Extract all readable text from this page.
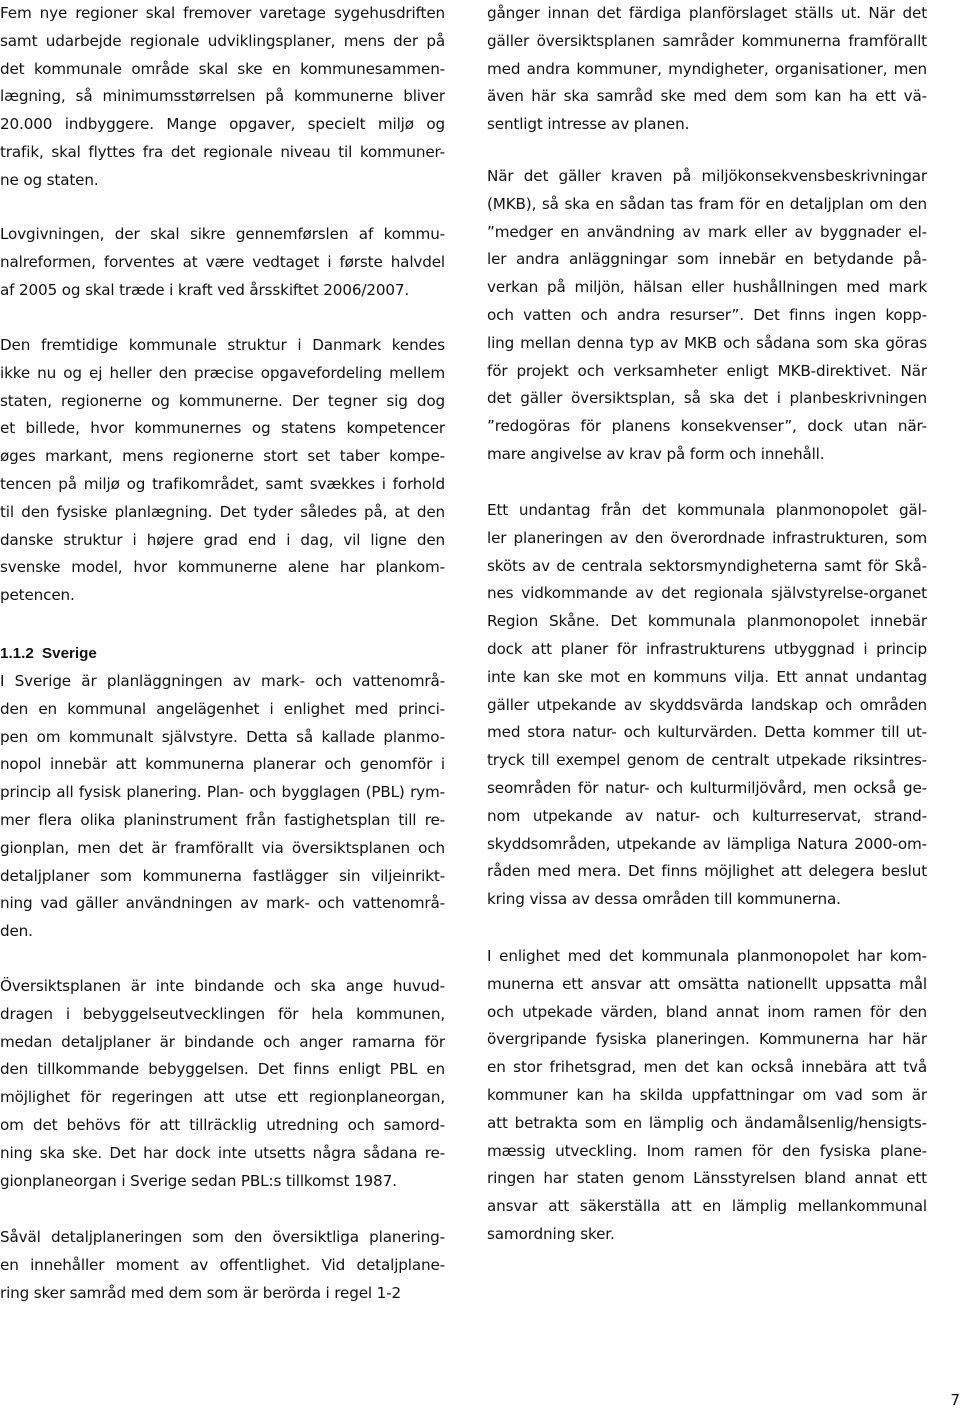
Fem nye regioner skal fremover varetage sygehusdriften
samt udarbejde regionale udviklingsplaner, mens der på
det kommunale område skal ske en kommunesammen-
lægning, så minimumsstørrelsen på kommunerne bliver
20.000 indbyggere. Mange opgaver, specielt miljø og
trafik, skal flyttes fra det regionale niveau til kommuner-
ne og staten.

Lovgivningen, der skal sikre gennemførslen af kommu-
nalreformen, forventes at være vedtaget i første halvdel
af 2005 og skal træde i kraft ved årsskiftet 2006/2007.

Den fremtidige kommunale struktur i Danmark kendes
ikke nu og ej heller den præcise opgavefordeling mellem
staten, regionerne og kommunerne. Der tegner sig dog
et billede, hvor kommunernes og statens kompetencer
øges markant, mens regionerne stort set taber kompe-
tencen på miljø og trafikområdet, samt svækkes i forhold
til den fysiske planlægning. Det tyder således på, at den
danske struktur i højere grad end i dag, vil ligne den
svenske model, hvor kommunerne alene har plankom-
petencen.

1.1.2 Sverige

I Sverige är planläggningen av mark- och vattenområ-
den en kommunal angelägenhet i enlighet med princi-
pen om kommunalt självstyre. Detta så kallade planmo-
nopol innebär att kommunerna planerar och genomför i
princip all fysisk planering. Plan- och bygglagen (PBL) rym-
mer flera olika planinstrument från fastighetsplan till re-
gionplan, men det är framförallt via översiktsplanen och
detaljplaner som kommunerna fastlägger sin viljeinrikt-
ning vad gäller användningen av mark- och vattenområ-
den.

Översiktsplanen är inte bindande och ska ange huvud-
dragen i bebyggelseutvecklingen för hela kommunen,
medan detaljplaner är bindande och anger ramarna för
den tillkommande bebyggelsen. Det finns enligt PBL en
möjlighet för regeringen att utse ett regionplaneorgan,
om det behövs för att tillräcklig utredning och samord-
ning ska ske. Det har dock inte utsetts några sådana re-
gionplaneorgan i Sverige sedan PBL:s tillkomst 1987.

Såväl detaljplaneringen som den översiktliga planering-
en innehåller moment av offentlighet. Vid detaljplane-
ring sker samråd med dem som är berörda i regel 1-2

gånger innan det färdiga planförslaget ställs ut. När det
gäller översiktsplanen samråder kommunerna framförallt
med andra kommuner, myndigheter, organisationer, men
även här ska samråd ske med dem som kan ha ett vä-
sentligt intresse av planen.

När det gäller kraven på miljökonsekvensbeskrivningar
(MKB), så ska en sådan tas fram för en detaljplan om den
”medger en användning av mark eller av byggnader el-
ler andra anläggningar som innebär en betydande på-
verkan på miljön, hälsan eller hushållningen med mark
och vatten och andra resurser”. Det finns ingen kopp-
ling mellan denna typ av MKB och sådana som ska göras
för projekt och verksamheter enligt MKB-direktivet. När
det gäller översiktsplan, så ska det i planbeskrivningen
”redogöras för planens konsekvenser”, dock utan när-
mare angivelse av krav på form och innehåll.

Ett undantag från det kommunala planmonopolet gäl-
ler planeringen av den överordnade infrastrukturen, som
sköts av de centrala sektorsmyndigheterna samt för Skå-
nes vidkommande av det regionala självstyrelse-organet
Region Skåne. Det kommunala planmonopolet innebär
dock att planer för infrastrukturens utbyggnad i princip
inte kan ske mot en kommuns vilja. Ett annat undantag
gäller utpekande av skyddsvärda landskap och områden
med stora natur- och kulturvärden. Detta kommer till ut-
tryck till exempel genom de centralt utpekade riksintres-
seområden för natur- och kulturmiljövård, men också ge-
nom utpekande av natur- och kulturreservat, strand-
skyddsområden, utpekande av lämpliga Natura 2000-om-
råden med mera. Det finns möjlighet att delegera beslut
kring vissa av dessa områden till kommunerna.

I enlighet med det kommunala planmonopolet har kom-
munerna ett ansvar att omsätta nationellt uppsatta mål
och utpekade värden, bland annat inom ramen för den
övergripande fysiska planeringen. Kommunerna har här
en stor frihetsgrad, men det kan också innebära att två
kommuner kan ha skilda uppfattningar om vad som är
att betrakta som en lämplig och ändamålsenlig/hensigts-
mæssig utveckling. Inom ramen för den fysiska plane-
ringen har staten genom Länsstyrelsen bland annat ett
ansvar att säkerställa att en lämplig mellankommunal
samordning sker.

7
